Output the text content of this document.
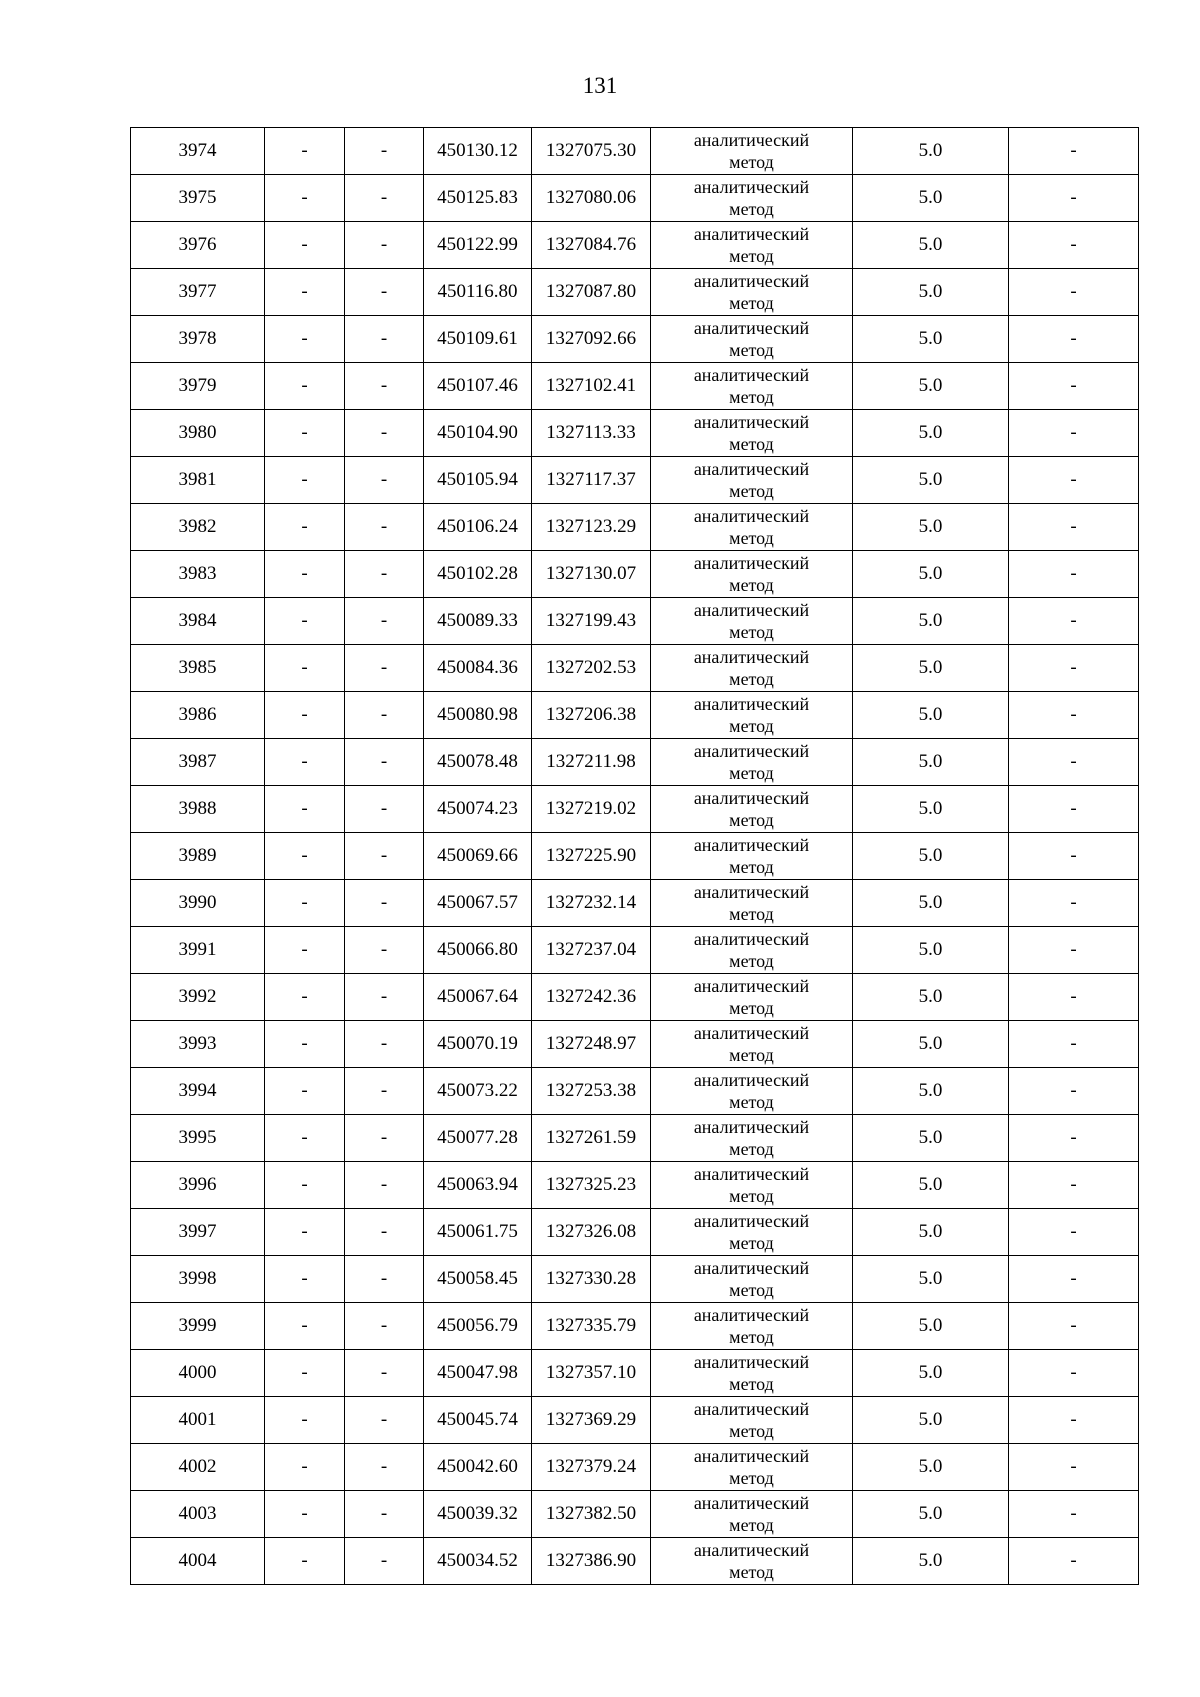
131
3974	-	-	450130.12	1327075.30	аналитический
метод	5.0	-
3975	-	-	450125.83	1327080.06	аналитический
метод	5.0	-
3976	-	-	450122.99	1327084.76	аналитический
метод	5.0	-
3977	-	-	450116.80	1327087.80	аналитический
метод	5.0	-
3978	-	-	450109.61	1327092.66	аналитический
метод	5.0	-
3979	-	-	450107.46	1327102.41	аналитический
метод	5.0	-
3980	-	-	450104.90	1327113.33	аналитический
метод	5.0	-
3981	-	-	450105.94	1327117.37	аналитический
метод	5.0	-
3982	-	-	450106.24	1327123.29	аналитический
метод	5.0	-
3983	-	-	450102.28	1327130.07	аналитический
метод	5.0	-
3984	-	-	450089.33	1327199.43	аналитический
метод	5.0	-
3985	-	-	450084.36	1327202.53	аналитический
метод	5.0	-
3986	-	-	450080.98	1327206.38	аналитический
метод	5.0	-
3987	-	-	450078.48	1327211.98	аналитический
метод	5.0	-
3988	-	-	450074.23	1327219.02	аналитический
метод	5.0	-
3989	-	-	450069.66	1327225.90	аналитический
метод	5.0	-
3990	-	-	450067.57	1327232.14	аналитический
метод	5.0	-
3991	-	-	450066.80	1327237.04	аналитический
метод	5.0	-
3992	-	-	450067.64	1327242.36	аналитический
метод	5.0	-
3993	-	-	450070.19	1327248.97	аналитический
метод	5.0	-
3994	-	-	450073.22	1327253.38	аналитический
метод	5.0	-
3995	-	-	450077.28	1327261.59	аналитический
метод	5.0	-
3996	-	-	450063.94	1327325.23	аналитический
метод	5.0	-
3997	-	-	450061.75	1327326.08	аналитический
метод	5.0	-
3998	-	-	450058.45	1327330.28	аналитический
метод	5.0	-
3999	-	-	450056.79	1327335.79	аналитический
метод	5.0	-
4000	-	-	450047.98	1327357.10	аналитический
метод	5.0	-
4001	-	-	450045.74	1327369.29	аналитический
метод	5.0	-
4002	-	-	450042.60	1327379.24	аналитический
метод	5.0	-
4003	-	-	450039.32	1327382.50	аналитический
метод	5.0	-
4004	-	-	450034.52	1327386.90	аналитический
метод	5.0	-
